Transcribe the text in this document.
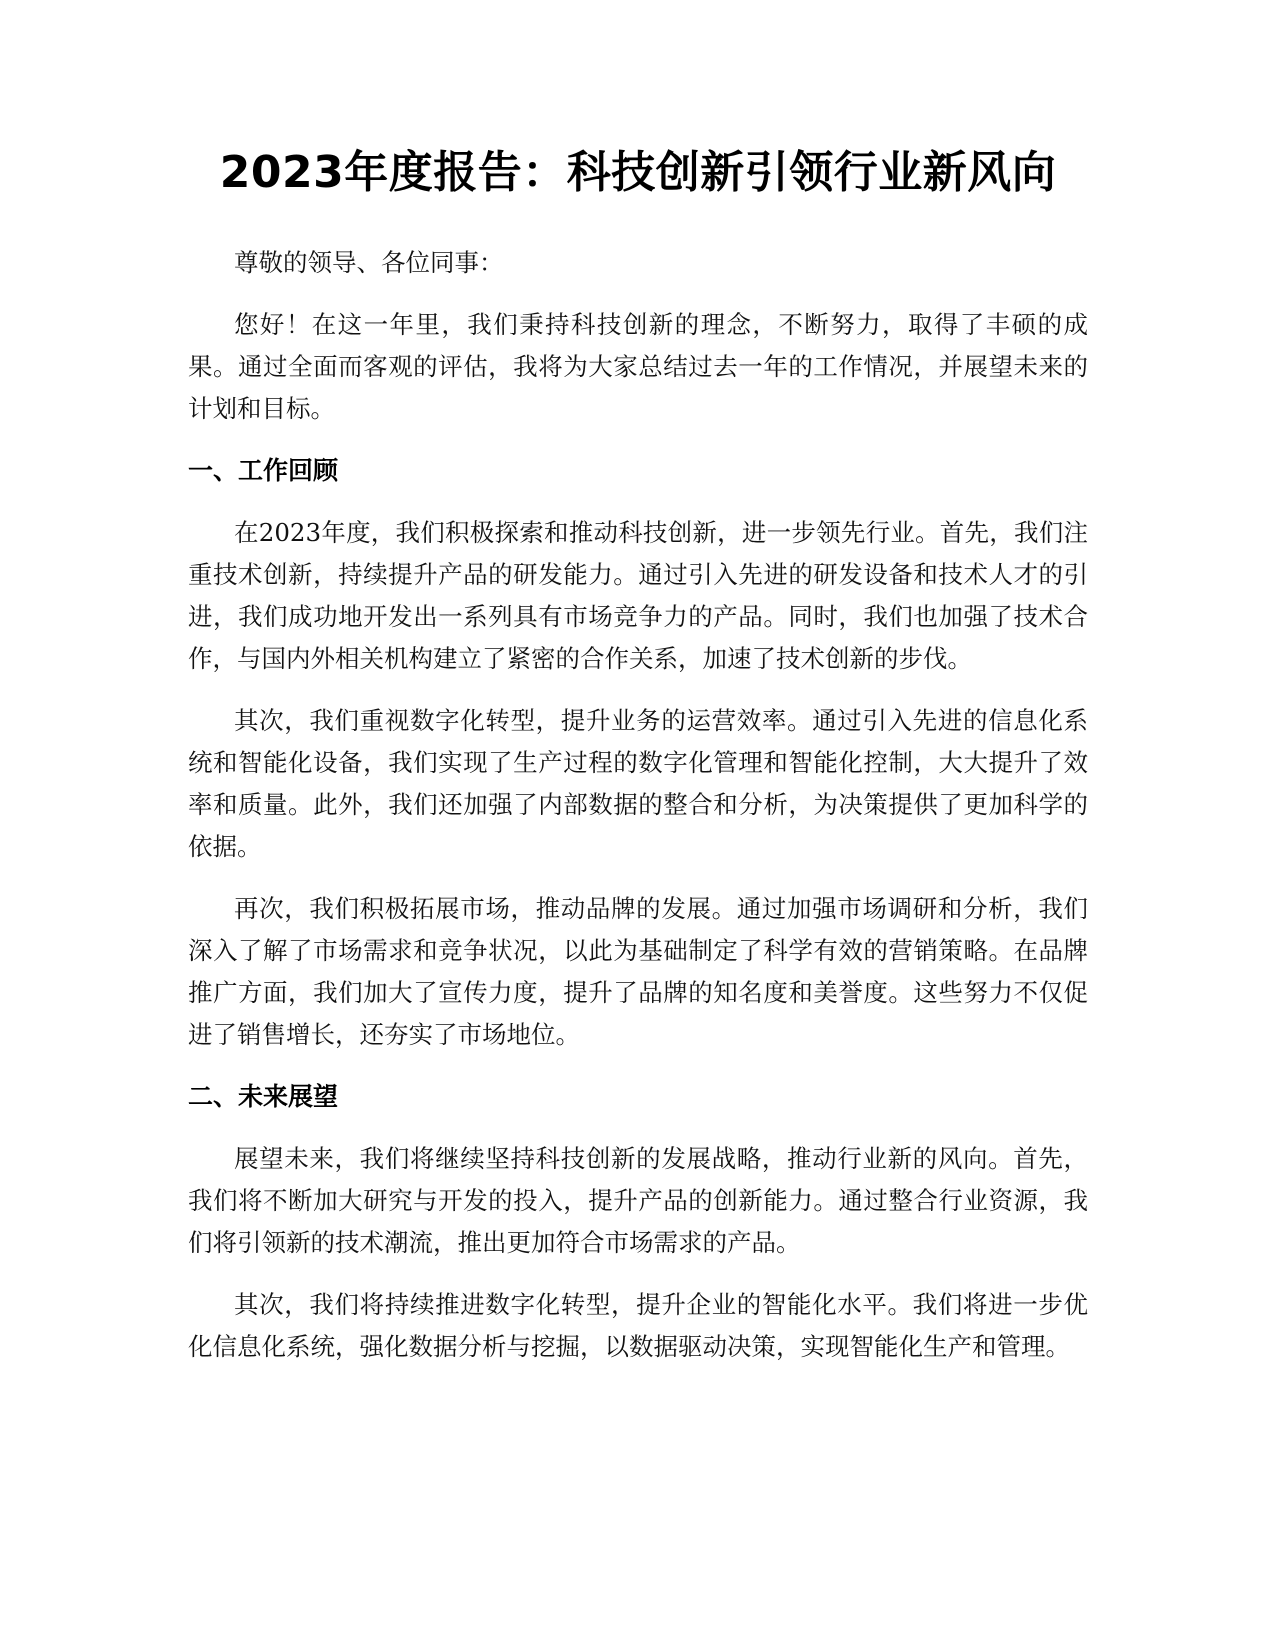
2023年度报告：科技创新引领行业新风向

尊敬的领导、各位同事：

您好！在这一年里，我们秉持科技创新的理念，不断努力，取得了丰硕的成果。通过全面而客观的评估，我将为大家总结过去一年的工作情况，并展望未来的计划和目标。

一、工作回顾

在2023年度，我们积极探索和推动科技创新，进一步领先行业。首先，我们注重技术创新，持续提升产品的研发能力。通过引入先进的研发设备和技术人才的引进，我们成功地开发出一系列具有市场竞争力的产品。同时，我们也加强了技术合作，与国内外相关机构建立了紧密的合作关系，加速了技术创新的步伐。

其次，我们重视数字化转型，提升业务的运营效率。通过引入先进的信息化系统和智能化设备，我们实现了生产过程的数字化管理和智能化控制，大大提升了效率和质量。此外，我们还加强了内部数据的整合和分析，为决策提供了更加科学的依据。

再次，我们积极拓展市场，推动品牌的发展。通过加强市场调研和分析，我们深入了解了市场需求和竞争状况，以此为基础制定了科学有效的营销策略。在品牌推广方面，我们加大了宣传力度，提升了品牌的知名度和美誉度。这些努力不仅促进了销售增长，还夯实了市场地位。

二、未来展望

展望未来，我们将继续坚持科技创新的发展战略，推动行业新的风向。首先，我们将不断加大研究与开发的投入，提升产品的创新能力。通过整合行业资源，我们将引领新的技术潮流，推出更加符合市场需求的产品。

其次，我们将持续推进数字化转型，提升企业的智能化水平。我们将进一步优化信息化系统，强化数据分析与挖掘，以数据驱动决策，实现智能化生产和管理。
